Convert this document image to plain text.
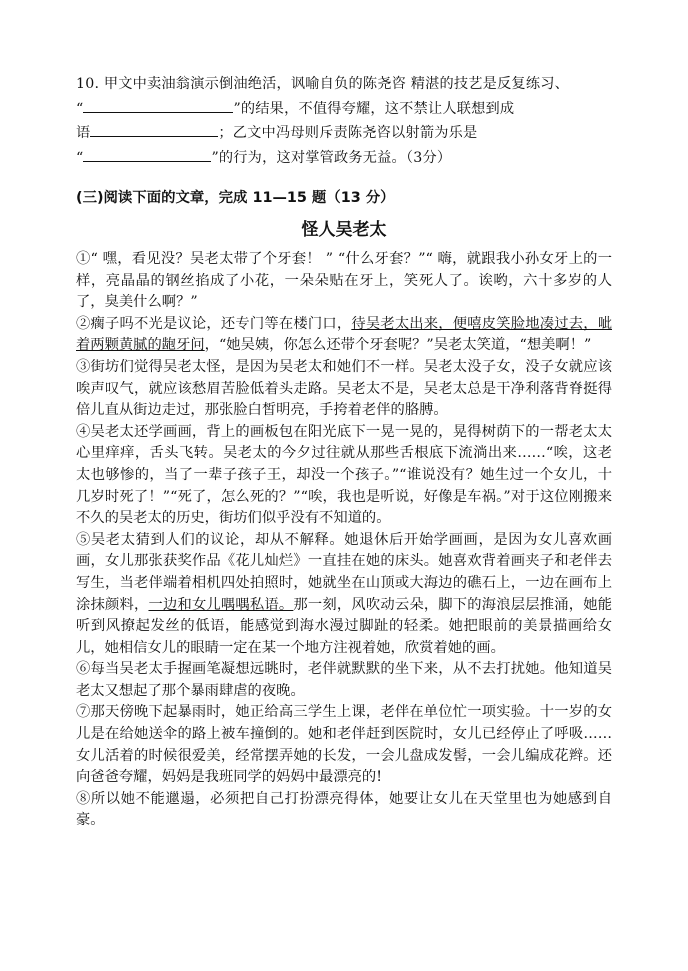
10. 甲文中卖油翁演示倒油绝活，讽喻自负的陈尧咨 精湛的技艺是反复练习、
“	”的结果，不值得夸耀，这不禁让人联想到成
语	；乙文中冯母则斥责陈尧咨以射箭为乐是
“	”的行为，这对掌管政务无益。（3分）
(三)阅读下面的文章，完成 11—15 题（13 分）
怪人吴老太

①“ 嘿，看见没？吴老太带了个牙套！ ” “什么牙套？”“ 嗨，就跟我小孙女牙上的一样，亮晶晶的钢丝掐成了小花，一朵朵贴在牙上，笑死人了。诶哟，六十多岁的人了，臭美什么啊？”

②瘸子吗不光是议论，还专门等在楼门口，待吴老太出来，便嘻皮笑脸地凑过去，呲着两颗黄腻的龅牙问，“她吴姨，你怎么还带个牙套呢？”吴老太笑道，“想美啊！”

③街坊们觉得吴老太怪，是因为吴老太和她们不一样。吴老太没子女，没子女就应该唉声叹气，就应该愁眉苦脸低着头走路。吴老太不是，吴老太总是干净利落背脊挺得倍儿直从街边走过，那张脸白皙明亮，手挎着老伴的胳膊。

④吴老太还学画画，背上的画板包在阳光底下一晃一晃的，晃得树荫下的一帮老太太心里痒痒，舌头飞转。吴老太的今夕过往就从那些舌根底下流淌出来……“唉，这老太也够惨的，当了一辈子孩子王，却没一个孩子。”“谁说没有？她生过一个女儿，十几岁时死了！”“死了，怎么死的？”“唉，我也是听说，好像是车祸。”对于这位刚搬来不久的吴老太的历史，街坊们似乎没有不知道的。

⑤吴老太猜到人们的议论，却从不解释。她退休后开始学画画，是因为女儿喜欢画画，女儿那张获奖作品《花儿灿烂》一直挂在她的床头。她喜欢背着画夹子和老伴去写生，当老伴端着相机四处拍照时，她就坐在山顶或大海边的礁石上，一边在画布上涂抹颜料，一边和女儿喁喁私语。那一刻，风吹动云朵，脚下的海浪层层推涌，她能听到风撩起发丝的低语，能感觉到海水漫过脚趾的轻柔。她把眼前的美景描画给女儿，她相信女儿的眼睛一定在某一个地方注视着她，欣赏着她的画。

⑥每当吴老太手握画笔凝想远眺时，老伴就默默的坐下来，从不去打扰她。他知道吴老太又想起了那个暴雨肆虐的夜晚。

⑦那天傍晚下起暴雨时，她正给高三学生上课，老伴在单位忙一项实验。十一岁的女儿是在给她送伞的路上被车撞倒的。她和老伴赶到医院时，女儿已经停止了呼吸…… 女儿活着的时候很爱美，经常摆弄她的长发，一会儿盘成发髻，一会儿编成花辫。还向爸爸夸耀，妈妈是我班同学的妈妈中最漂亮的!

⑧所以她不能邋遢，必须把自己打扮漂亮得体，她要让女儿在天堂里也为她感到自豪。
